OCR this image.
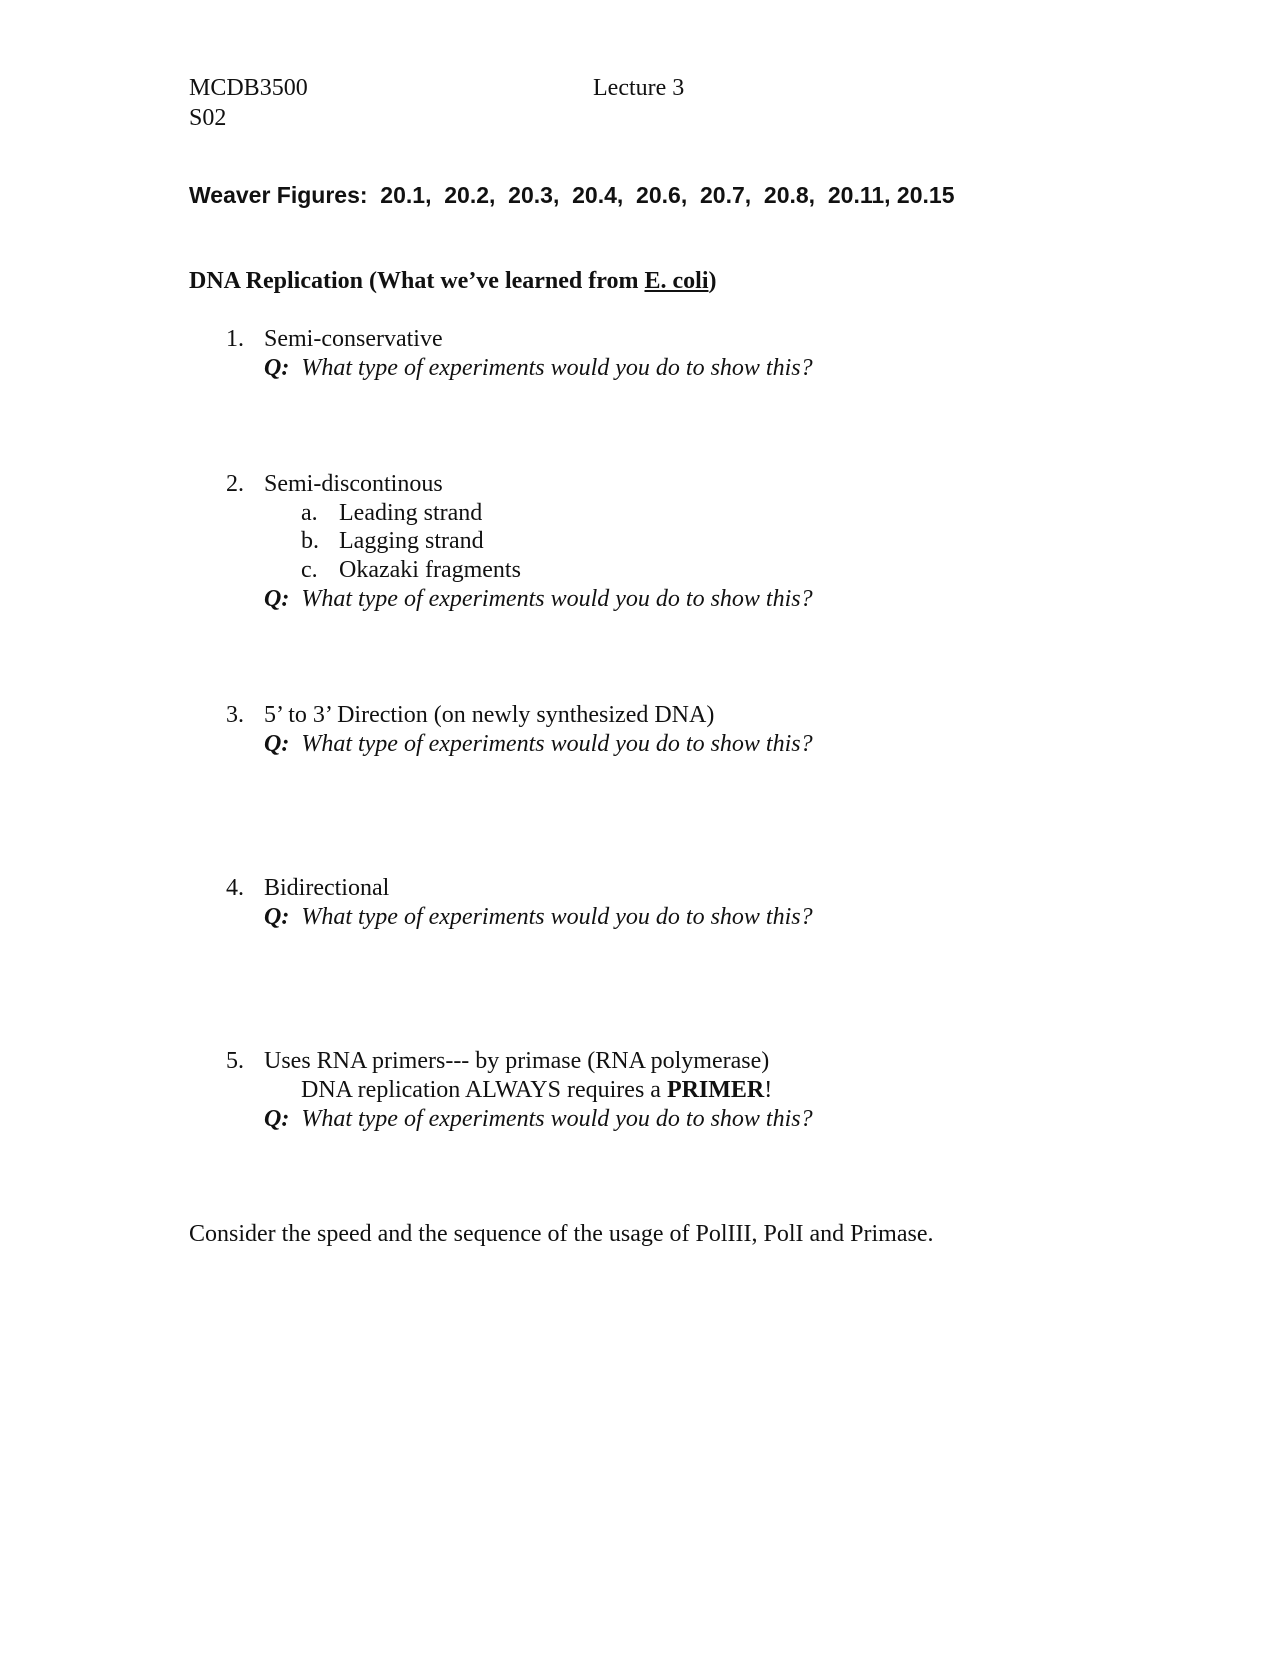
MCDB3500
S02
Lecture 3
Weaver Figures:  20.1,  20.2,  20.3,  20.4,  20.6,  20.7,  20.8,  20.11, 20.15
DNA Replication (What we’ve learned from E. coli)
1. Semi-conservative
Q: What type of experiments would you do to show this?
2. Semi-discontinous
a. Leading strand
b. Lagging strand
c. Okazaki fragments
Q: What type of experiments would you do to show this?
3. 5’ to 3’ Direction (on newly synthesized DNA)
Q: What type of experiments would you do to show this?
4. Bidirectional
Q: What type of experiments would you do to show this?
5. Uses RNA primers--- by primase (RNA polymerase)
DNA replication ALWAYS requires a PRIMER!
Q: What type of experiments would you do to show this?
Consider the speed and the sequence of the usage of PolIII, PolI and Primase.
